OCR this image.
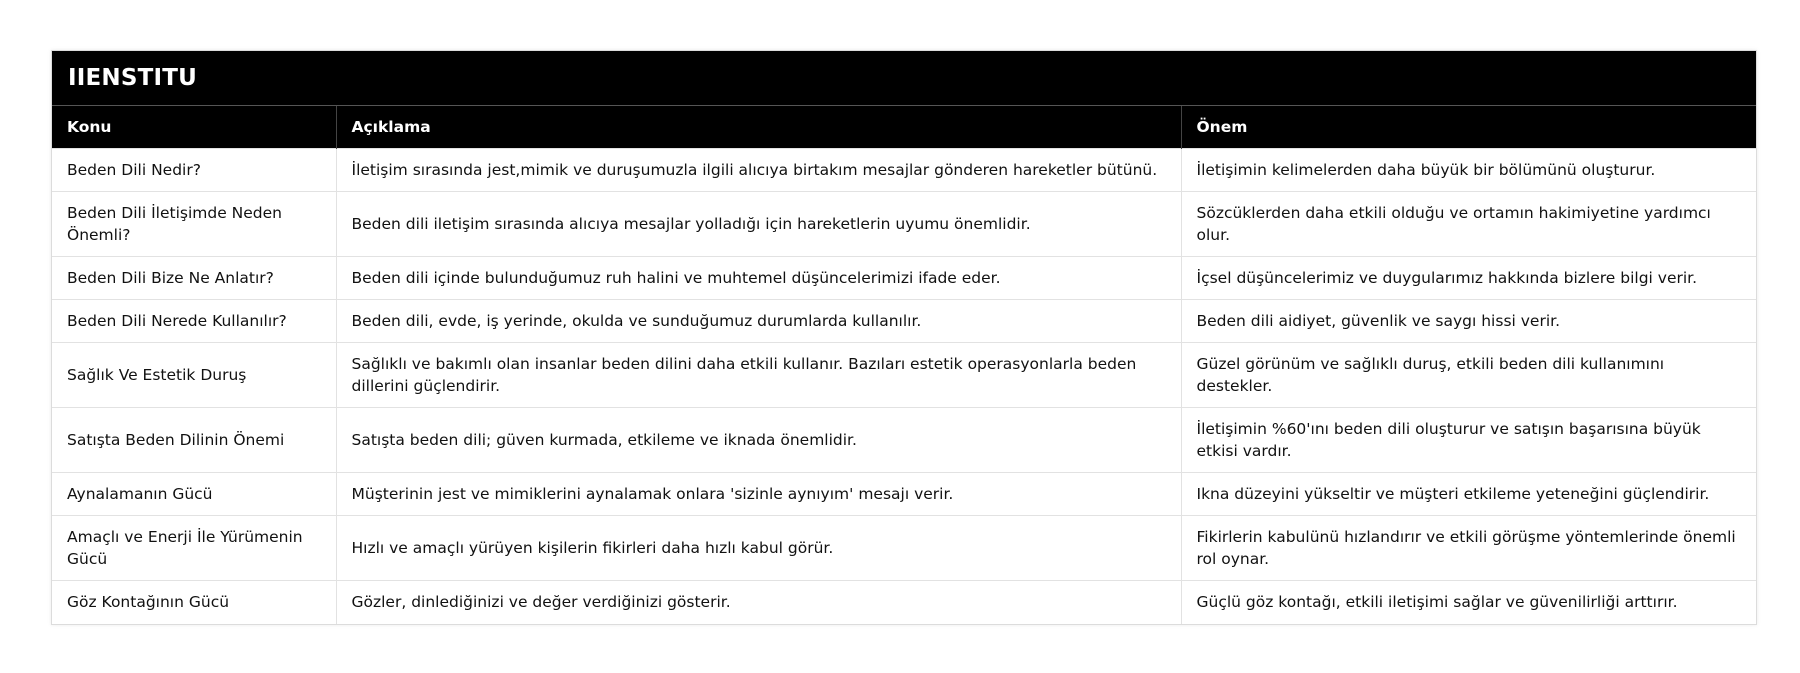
IIENSTITU
Konu	Açıklama	Önem
Beden Dili Nedir?	İletişim sırasında jest,mimik ve duruşumuzla ilgili alıcıya birtakım mesajlar gönderen hareketler bütünü.	İletişimin kelimelerden daha büyük bir bölümünü oluşturur.
Beden Dili İletişimde Neden Önemli?	Beden dili iletişim sırasında alıcıya mesajlar yolladığı için hareketlerin uyumu önemlidir.	Sözcüklerden daha etkili olduğu ve ortamın hakimiyetine yardımcı olur.
Beden Dili Bize Ne Anlatır?	Beden dili içinde bulunduğumuz ruh halini ve muhtemel düşüncelerimizi ifade eder.	İçsel düşüncelerimiz ve duygularımız hakkında bizlere bilgi verir.
Beden Dili Nerede Kullanılır?	Beden dili, evde, iş yerinde, okulda ve sunduğumuz durumlarda kullanılır.	Beden dili aidiyet, güvenlik ve saygı hissi verir.
Sağlık Ve Estetik Duruş	Sağlıklı ve bakımlı olan insanlar beden dilini daha etkili kullanır. Bazıları estetik operasyonlarla beden dillerini güçlendirir.	Güzel görünüm ve sağlıklı duruş, etkili beden dili kullanımını destekler.
Satışta Beden Dilinin Önemi	Satışta beden dili; güven kurmada, etkileme ve iknada önemlidir.	İletişimin %60'ını beden dili oluşturur ve satışın başarısına büyük etkisi vardır.
Aynalamanın Gücü	Müşterinin jest ve mimiklerini aynalamak onlara 'sizinle aynıyım' mesajı verir.	Ikna düzeyini yükseltir ve müşteri etkileme yeteneğini güçlendirir.
Amaçlı ve Enerji İle Yürümenin Gücü	Hızlı ve amaçlı yürüyen kişilerin fikirleri daha hızlı kabul görür.	Fikirlerin kabulünü hızlandırır ve etkili görüşme yöntemlerinde önemli rol oynar.
Göz Kontağının Gücü	Gözler, dinlediğinizi ve değer verdiğinizi gösterir.	Güçlü göz kontağı, etkili iletişimi sağlar ve güvenilirliği arttırır.
